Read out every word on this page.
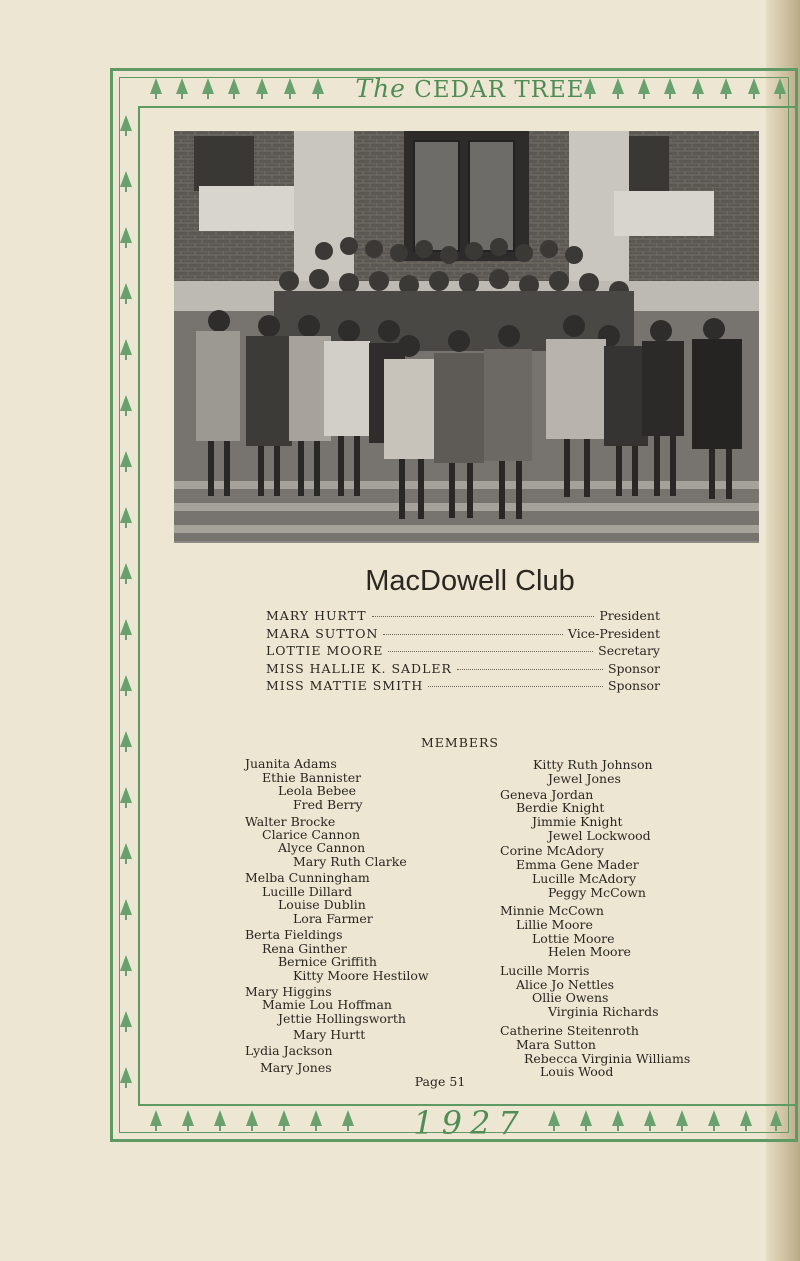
The CEDAR TREE
MacDowell Club
MARY HURTT	President
MARA SUTTON	Vice-President
LOTTIE MOORE	Secretary
MISS HALLIE K. SADLER	Sponsor
MISS MATTIE SMITH	Sponsor
MEMBERS
Juanita Adams
Ethie Bannister
Leola Bebee
Fred Berry
Walter Brocke
Clarice Cannon
Alyce Cannon
Mary Ruth Clarke
Melba Cunningham
Lucille Dillard
Louise Dublin
Lora Farmer
Berta Fieldings
Rena Ginther
Bernice Griffith
Kitty Moore Hestilow
Mary Higgins
Mamie Lou Hoffman
Jettie Hollingsworth
Mary Hurtt
Lydia Jackson
Mary Jones
Kitty Ruth Johnson
Jewel Jones
Geneva Jordan
Berdie Knight
Jimmie Knight
Jewel Lockwood
Corine McAdory
Emma Gene Mader
Lucille McAdory
Peggy McCown
Minnie McCown
Lillie Moore
Lottie Moore
Helen Moore
Lucille Morris
Alice Jo Nettles
Ollie Owens
Virginia Richards
Catherine Steitenroth
Mara Sutton
Rebecca Virginia Williams
Louis Wood
Page 51
1927
